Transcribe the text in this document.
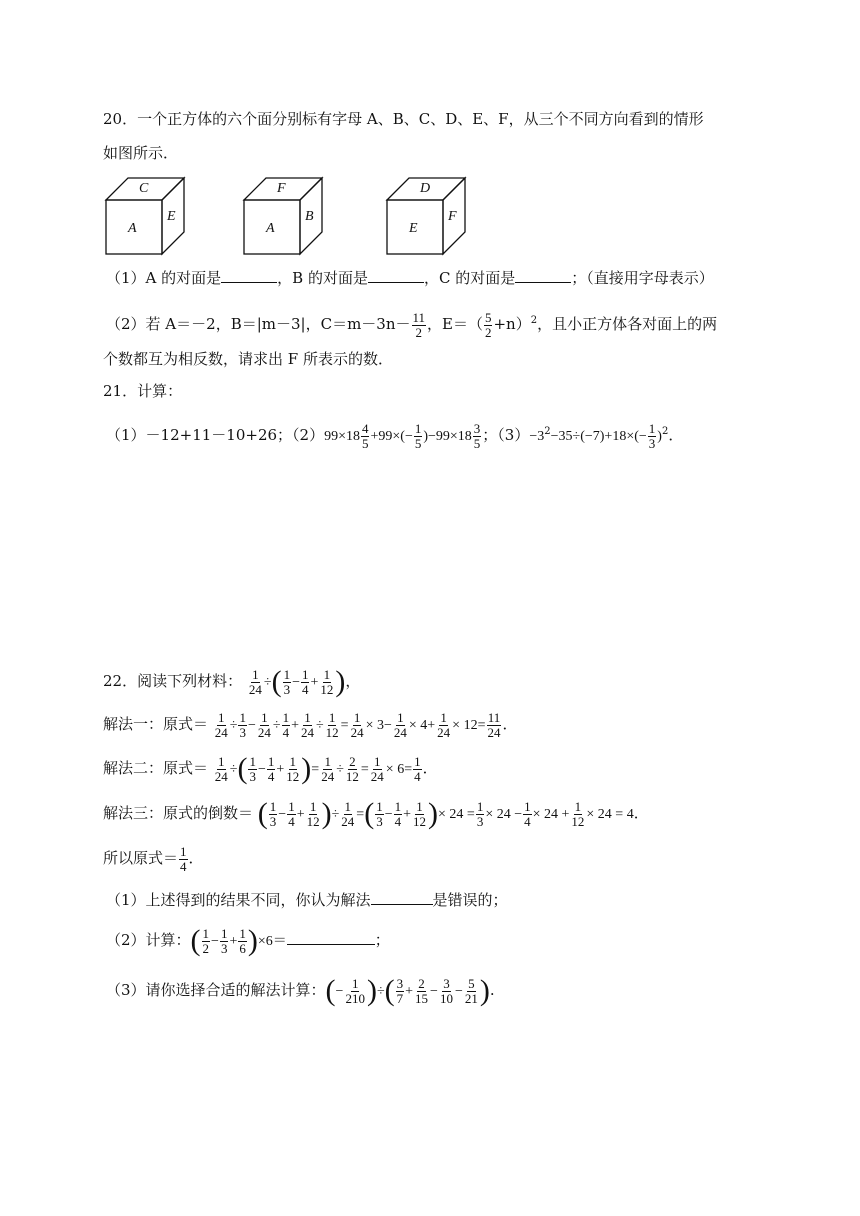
20．一个正方体的六个面分别标有字母 A、B、C、D、E、F，从三个不同方向看到的情形
如图所示．
C
A
E
F
A
B
D
E
F
（1）A 的对面是	，B 的对面是	，C 的对面是	；（直接用字母表示）
（2）若 A＝－2，B＝|m－3|，$C=m-3n- \frac{11}{2}$ ，$E=( \frac{5}{2} +n)^2$，且小正方体各对面上的两
个数都互为相反数，请求出 F 所表示的数．
21．计算：
（1）－12+11－10+26；$(2)99\times 18 \frac{4}{5} +99\times(- \frac{1}{5} )-99\times 18 \frac{3}{5}$ ；$(3)-3^2-35\div(-7)+18\times(- \frac{1}{3} )^2$．
22．阅读下列材料： $\frac{1}{24}$ ÷( $\frac{1}{3} - \frac{1}{4} + \frac{1}{12}$ )，
解法一：原式＝ $\frac{1}{24} \div \frac{1}{3} - \frac{1}{24} \div \frac{1}{4} + \frac{1}{24} \div \frac{1}{12} = \frac{1}{24} \times 3- \frac{1}{24} \times 4+ \frac{1}{24} \times 12= \frac{11}{24}$ ．
解法二：原式＝ $\frac{1}{24}$ ÷( $\frac{1}{3} - \frac{1}{4} + \frac{1}{12}$ )= $\frac{1}{24} \div \frac{2}{12} = \frac{1}{24} \times 6= \frac{1}{4}$ ．
解法三：原式的倒数＝ ( $\frac{1}{3} - \frac{1}{4} + \frac{1}{12}$ )÷ $\frac{1}{24}$ =( $\frac{1}{3} - \frac{1}{4} + \frac{1}{12}$ )× $24 = \frac{1}{3} \times 24 - \frac{1}{4} \times 24 + \frac{1}{12} \times 24 = 4$．
所以原式＝ $\frac{1}{4}$ ．
（1）上述得到的结果不同，你认为解法	是错误的；
（2）计算：( $\frac{1}{2} - \frac{1}{3} + \frac{1}{6} )\times 6=$	；
（3）请你选择合适的解法计算：(− $\frac{1}{210}$ )÷( $\frac{3}{7} + \frac{2}{15} - \frac{3}{10} - \frac{5}{21}$ ).
